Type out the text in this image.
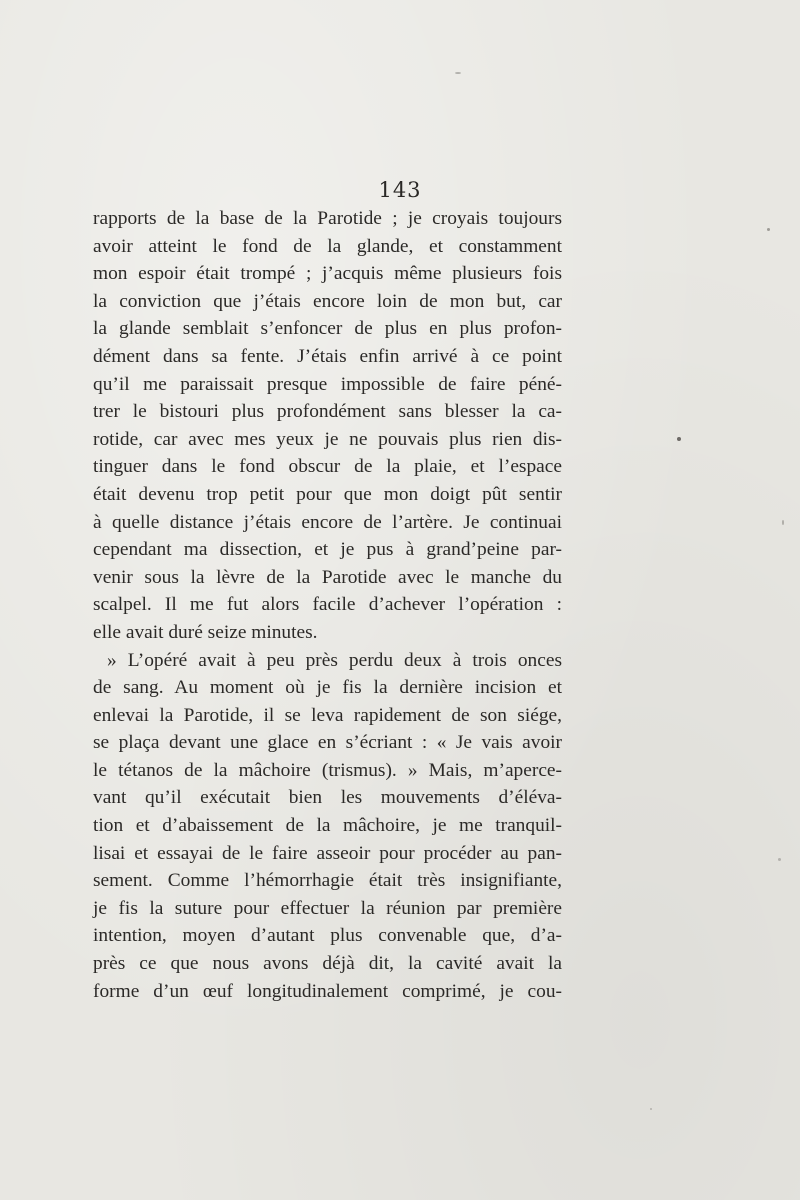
143
rapports de la base de la Parotide ; je croyais toujours
avoir atteint le fond de la glande, et constamment
mon espoir était trompé ; j’acquis même plusieurs fois
la conviction que j’étais encore loin de mon but, car
la glande semblait s’enfoncer de plus en plus profon-
dément dans sa fente. J’étais enfin arrivé à ce point
qu’il me paraissait presque impossible de faire péné-
trer le bistouri plus profondément sans blesser la ca-
rotide, car avec mes yeux je ne pouvais plus rien dis-
tinguer dans le fond obscur de la plaie, et l’espace
était devenu trop petit pour que mon doigt pût sentir
à quelle distance j’étais encore de l’artère. Je continuai
cependant ma dissection, et je pus à grand’peine par-
venir sous la lèvre de la Parotide avec le manche du
scalpel. Il me fut alors facile d’achever l’opération :
elle avait duré seize minutes.
» L’opéré avait à peu près perdu deux à trois onces
de sang. Au moment où je fis la dernière incision et
enlevai la Parotide, il se leva rapidement de son siége,
se plaça devant une glace en s’écriant : « Je vais avoir
le tétanos de la mâchoire (trismus). » Mais, m’aperce-
vant qu’il exécutait bien les mouvements d’éléva-
tion et d’abaissement de la mâchoire, je me tranquil-
lisai et essayai de le faire asseoir pour procéder au pan-
sement. Comme l’hémorrhagie était très insignifiante,
je fis la suture pour effectuer la réunion par première
intention, moyen d’autant plus convenable que, d’a-
près ce que nous avons déjà dit, la cavité avait la
forme d’un œuf longitudinalement comprimé, je cou-
